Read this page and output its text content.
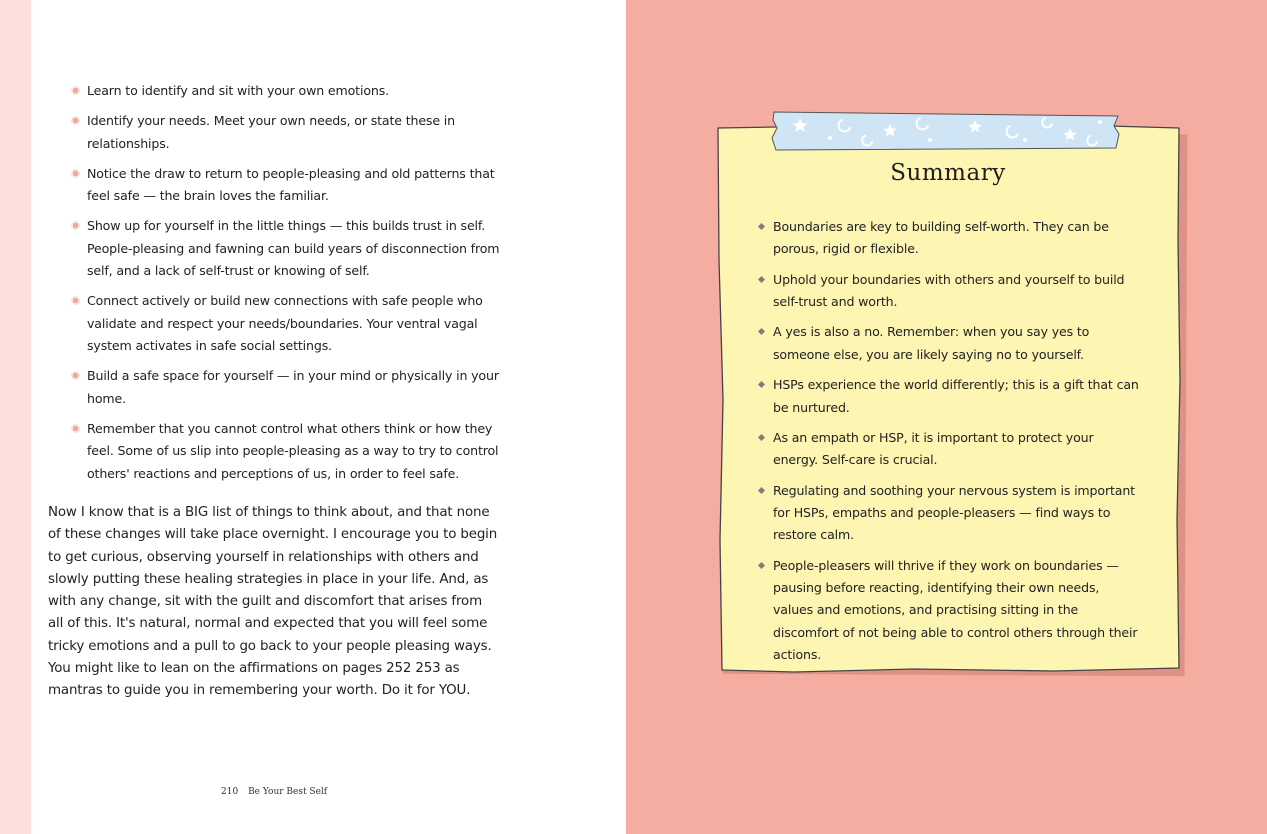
Learn to identify and sit with your own emotions.
Identify your needs. Meet your own needs, or state these in relationships.
Notice the draw to return to people-pleasing and old patterns that feel safe — the brain loves the familiar.
Show up for yourself in the little things — this builds trust in self. People-pleasing and fawning can build years of disconnection from self, and a lack of self-trust or knowing of self.
Connect actively or build new connections with safe people who validate and respect your needs/boundaries. Your ventral vagal system activates in safe social settings.
Build a safe space for yourself — in your mind or physically in your home.
Remember that you cannot control what others think or how they feel. Some of us slip into people-pleasing as a way to try to control others' reactions and perceptions of us, in order to feel safe.

Now I know that is a BIG list of things to think about, and that none of these changes will take place overnight. I encourage you to begin to get curious, observing yourself in relationships with others and slowly putting these healing strategies in place in your life. And, as with any change, sit with the guilt and discomfort that arises from all of this. It's natural, normal and expected that you will feel some tricky emotions and a pull to go back to your people pleasing ways. You might like to lean on the affirmations on pages 252 253 as mantras to guide you in remembering your worth. Do it for YOU.

210 Be Your Best Self
Summary
Boundaries are key to building self-worth. They can be porous, rigid or flexible.
Uphold your boundaries with others and yourself to build self-trust and worth.
A yes is also a no. Remember: when you say yes to someone else, you are likely saying no to yourself.
HSPs experience the world differently; this is a gift that can be nurtured.
As an empath or HSP, it is important to protect your energy. Self-care is crucial.
Regulating and soothing your nervous system is important for HSPs, empaths and people-pleasers — find ways to restore calm.
People-pleasers will thrive if they work on boundaries — pausing before reacting, identifying their own needs, values and emotions, and practising sitting in the discomfort of not being able to control others through their actions.
